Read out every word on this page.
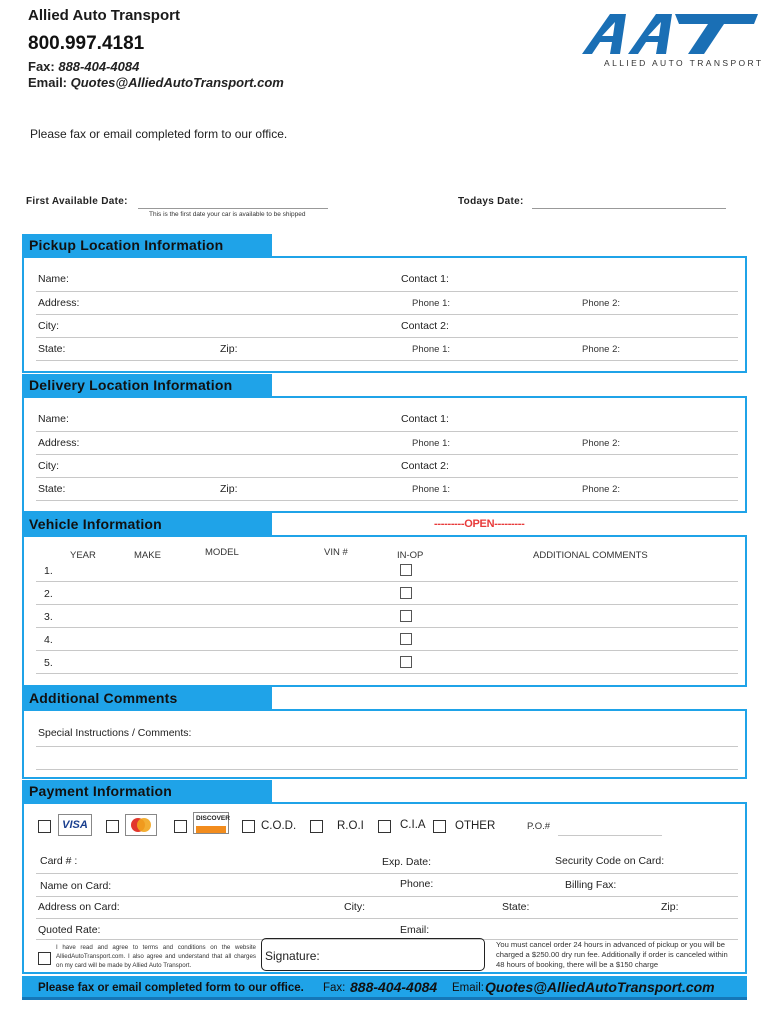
Allied Auto Transport
800.997.4181
Fax: 888-404-4084
Email: Quotes@AlliedAutoTransport.com
ALLIED AUTO TRANSPORT
Please fax or email completed form to our office.
First Available Date:
This is the first date your car is available to be shipped
Todays Date:
Pickup Location Information
Name:	Contact 1:
Address:	Phone 1:	Phone 2:
City:	Contact 2:
State:	Zip:	Phone 1:	Phone 2:
Delivery Location Information
Name:	Contact 1:
Address:	Phone 1:	Phone 2:
City:	Contact 2:
State:	Zip:	Phone 1:	Phone 2:
Vehicle Information	---------OPEN---------
YEAR	MAKE	MODEL	VIN #	IN-OP	ADDITIONAL COMMENTS
1.
2.
3.
4.
5.
Additional Comments
Special Instructions / Comments:
Payment Information
VISA
DISCOVER
C.O.D.	R.O.I	C.I.A	OTHER	P.O.#
Card # :	Exp. Date:	Security Code on Card:
Name on Card:	Phone:	Billing Fax:
Address on Card:	City:	State:	Zip:
Quoted Rate:	Email:
I have read and agree to terms and conditions on the website AlliedAutoTransport.com. I also agree and understand that all charges on my card will be made by Allied Auto Transport.
Signature:
You must cancel order 24 hours in advanced of pickup or you will be charged a $250.00 dry run fee. Additionally if order is canceled within 48 hours of booking, there will be a $150 charge
Please fax or email completed form to our office. Fax: 888-404-4084 Email: Quotes@AlliedAutoTransport.com
